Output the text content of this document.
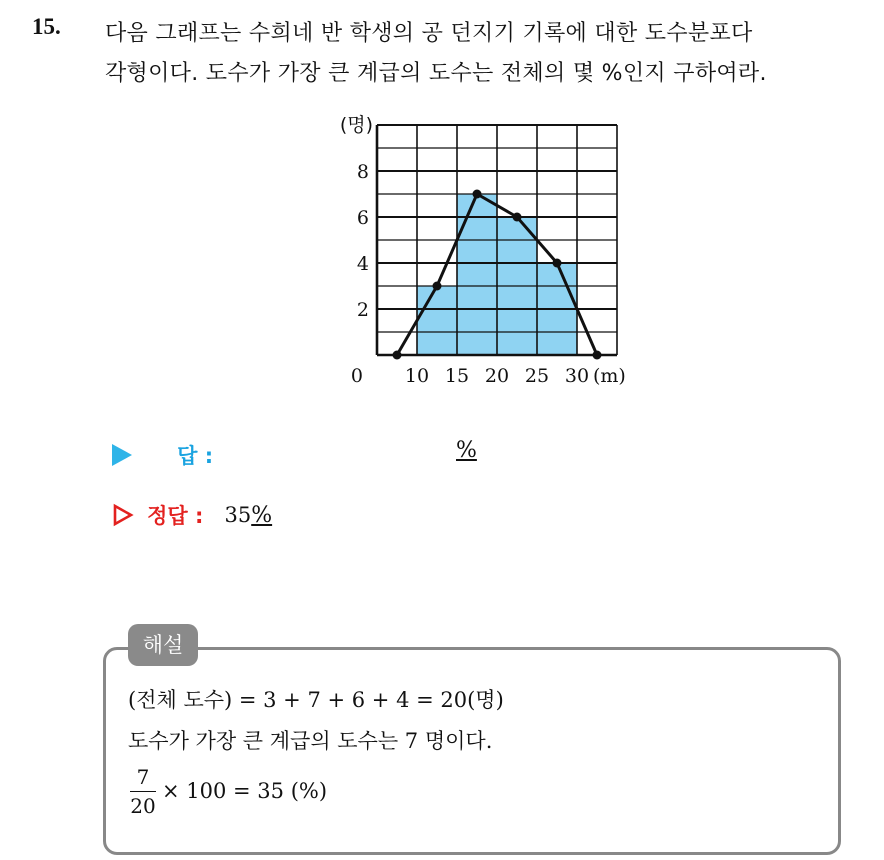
15. 다음 그래프는 수희네 반 학생의 공 던지기 기록에 대한 도수분포다
각형이다. 도수가 가장 큰 계급의 도수는 전체의 몇 %인지 구하여라.
(명)
2
4
6
8
0 10 15 20 25 30 (m)
답 :	%
정답 : 35%
해설
(전체 도수) = 3 + 7 + 6 + 4 = 20(명)
도수가 가장 큰 계급의 도수는 7 명이다.
7
20
× 100 = 35 (%)
